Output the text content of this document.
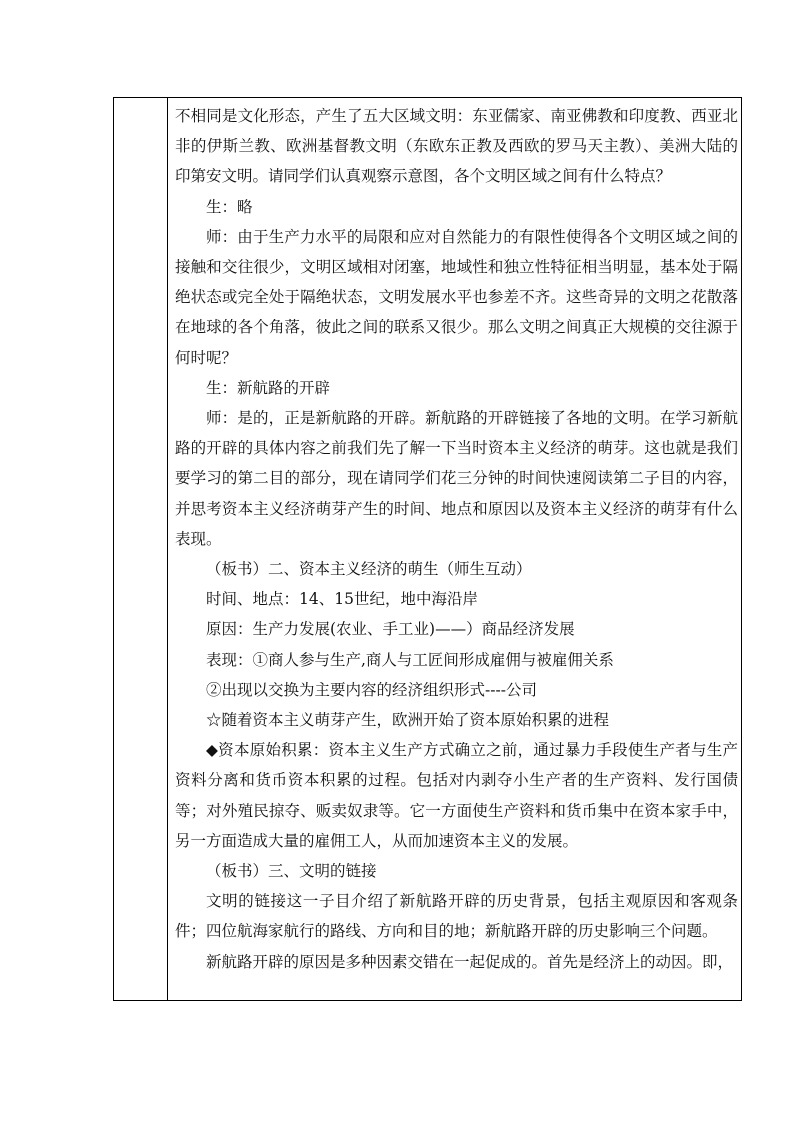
不相同是文化形态，产生了五大区域文明：东亚儒家、南亚佛教和印度教、西亚北非的伊斯兰教、欧洲基督教文明（东欧东正教及西欧的罗马天主教）、美洲大陆的印第安文明。请同学们认真观察示意图，各个文明区域之间有什么特点？

生：略

师：由于生产力水平的局限和应对自然能力的有限性使得各个文明区域之间的接触和交往很少，文明区域相对闭塞，地域性和独立性特征相当明显，基本处于隔绝状态或完全处于隔绝状态，文明发展水平也参差不齐。这些奇异的文明之花散落在地球的各个角落，彼此之间的联系又很少。那么文明之间真正大规模的交往源于何时呢？

生：新航路的开辟

师：是的，正是新航路的开辟。新航路的开辟链接了各地的文明。在学习新航路的开辟的具体内容之前我们先了解一下当时资本主义经济的萌芽。这也就是我们要学习的第二目的部分，现在请同学们花三分钟的时间快速阅读第二子目的内容，并思考资本主义经济萌芽产生的时间、地点和原因以及资本主义经济的萌芽有什么表现。

（板书）二、资本主义经济的萌生（师生互动）

时间、地点：14、15世纪，地中海沿岸

原因：生产力发展(农业、手工业)——）商品经济发展

表现：①商人参与生产,商人与工匠间形成雇佣与被雇佣关系

②出现以交换为主要内容的经济组织形式----公司

☆随着资本主义萌芽产生，欧洲开始了资本原始积累的进程

◆资本原始积累：资本主义生产方式确立之前，通过暴力手段使生产者与生产资料分离和货币资本积累的过程。包括对内剥夺小生产者的生产资料、发行国债等；对外殖民掠夺、贩卖奴隶等。它一方面使生产资料和货币集中在资本家手中，另一方面造成大量的雇佣工人，从而加速资本主义的发展。

（板书）三、文明的链接

文明的链接这一子目介绍了新航路开辟的历史背景，包括主观原因和客观条件；四位航海家航行的路线、方向和目的地；新航路开辟的历史影响三个问题。

新航路开辟的原因是多种因素交错在一起促成的。首先是经济上的动因。即，
